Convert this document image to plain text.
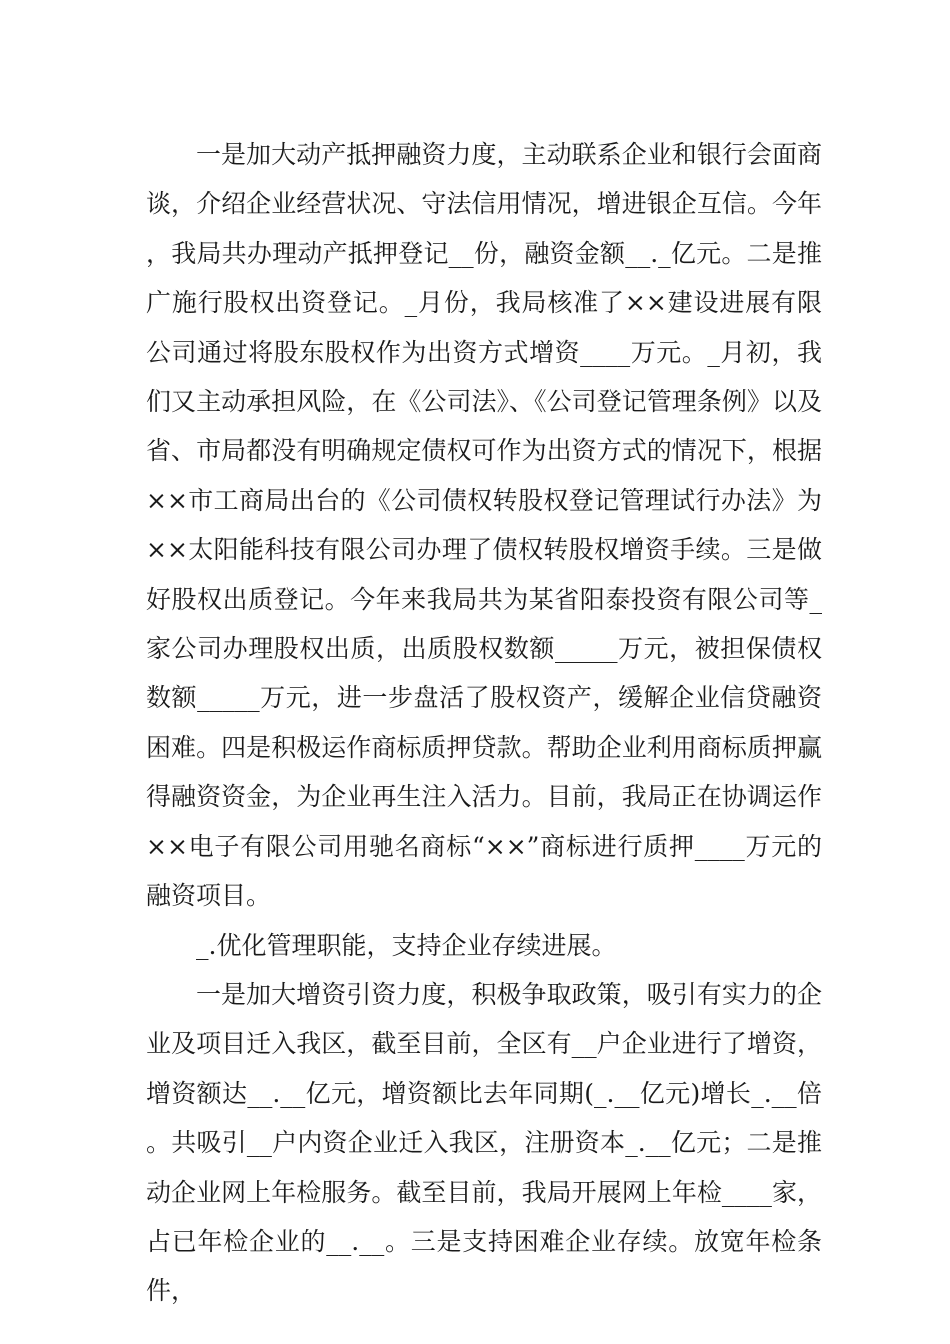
一是加大动产抵押融资力度，主动联系企业和银行会面商谈，介绍企业经营状况、守法信用情况，增进银企互信。今年，我局共办理动产抵押登记__份，融资金额__._亿元。二是推广施行股权出资登记。_月份，我局核准了××建设进展有限公司通过将股东股权作为出资方式增资____万元。_月初，我们又主动承担风险，在《公司法》、《公司登记管理条例》以及省、市局都没有明确规定债权可作为出资方式的情况下，根据××市工商局出台的《公司债权转股权登记管理试行办法》为××太阳能科技有限公司办理了债权转股权增资手续。三是做好股权出质登记。今年来我局共为某省阳泰投资有限公司等_家公司办理股权出质，出质股权数额_____万元，被担保债权数额_____万元，进一步盘活了股权资产，缓解企业信贷融资困难。四是积极运作商标质押贷款。帮助企业利用商标质押赢得融资资金，为企业再生注入活力。目前，我局正在协调运作××电子有限公司用驰名商标“××”商标进行质押____万元的融资项目。

_.优化管理职能，支持企业存续进展。

一是加大增资引资力度，积极争取政策，吸引有实力的企业及项目迁入我区，截至目前，全区有__户企业进行了增资，增资额达__.__亿元，增资额比去年同期(_.__亿元)增长_.__倍。共吸引__户内资企业迁入我区，注册资本_.__亿元；二是推动企业网上年检服务。截至目前，我局开展网上年检____家，占已年检企业的__.__。三是支持困难企业存续。放宽年检条件，
